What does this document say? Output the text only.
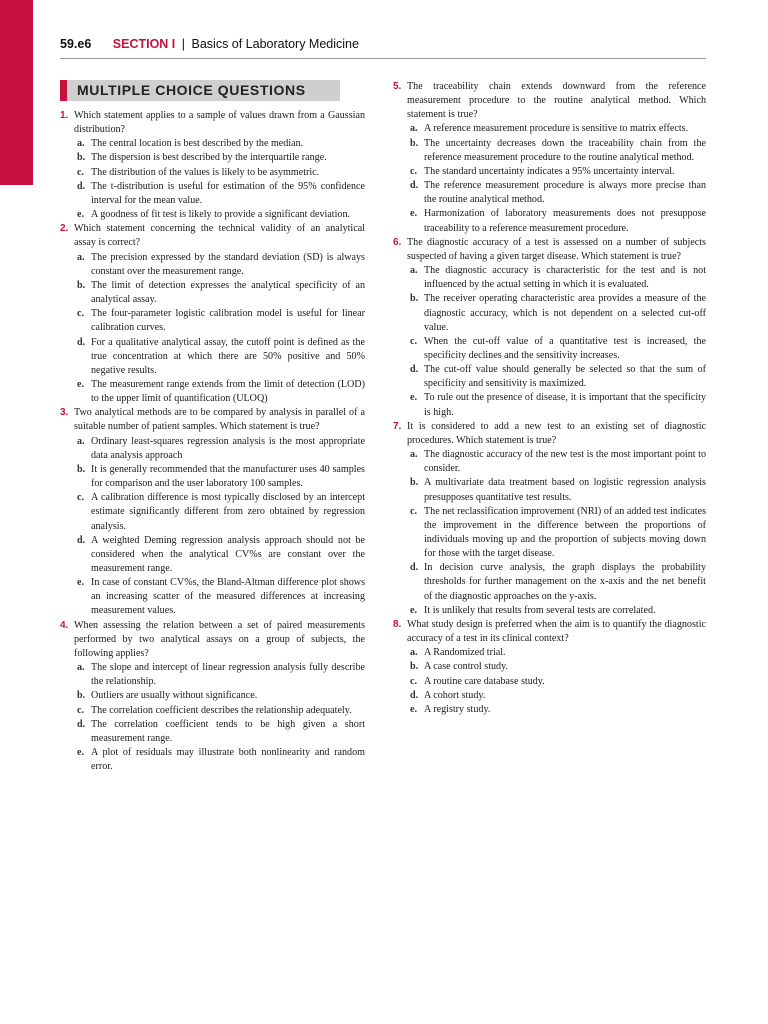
59.e6 SECTION I | Basics of Laboratory Medicine
MULTIPLE CHOICE QUESTIONS
1. Which statement applies to a sample of values drawn from a Gaussian distribution?
a. The central location is best described by the median.
b. The dispersion is best described by the interquartile range.
c. The distribution of the values is likely to be asymmetric.
d. The t-distribution is useful for estimation of the 95% confidence interval for the mean value.
e. A goodness of fit test is likely to provide a significant deviation.
2. Which statement concerning the technical validity of an analytical assay is correct?
a. The precision expressed by the standard deviation (SD) is always constant over the measurement range.
b. The limit of detection expresses the analytical specificity of an analytical assay.
c. The four-parameter logistic calibration model is useful for linear calibration curves.
d. For a qualitative analytical assay, the cutoff point is defined as the true concentration at which there are 50% positive and 50% negative results.
e. The measurement range extends from the limit of detection (LOD) to the upper limit of quantification (ULOQ)
3. Two analytical methods are to be compared by analysis in parallel of a suitable number of patient samples. Which statement is true?
a. Ordinary least-squares regression analysis is the most appropriate data analysis approach
b. It is generally recommended that the manufacturer uses 40 samples for comparison and the user laboratory 100 samples.
c. A calibration difference is most typically disclosed by an intercept estimate significantly different from zero obtained by regression analysis.
d. A weighted Deming regression analysis approach should not be considered when the analytical CV%s are constant over the measurement range.
e. In case of constant CV%s, the Bland-Altman difference plot shows an increasing scatter of the measured differences at increasing measurement values.
4. When assessing the relation between a set of paired measurements performed by two analytical assays on a group of subjects, the following applies?
a. The slope and intercept of linear regression analysis fully describe the relationship.
b. Outliers are usually without significance.
c. The correlation coefficient describes the relationship adequately.
d. The correlation coefficient tends to be high given a short measurement range.
e. A plot of residuals may illustrate both nonlinearity and random error.
5. The traceability chain extends downward from the reference measurement procedure to the routine analytical method. Which statement is true?
a. A reference measurement procedure is sensitive to matrix effects.
b. The uncertainty decreases down the traceability chain from the reference measurement procedure to the routine analytical method.
c. The standard uncertainty indicates a 95% uncertainty interval.
d. The reference measurement procedure is always more precise than the routine analytical method.
e. Harmonization of laboratory measurements does not presuppose traceability to a reference measurement procedure.
6. The diagnostic accuracy of a test is assessed on a number of subjects suspected of having a given target disease. Which statement is true?
a. The diagnostic accuracy is characteristic for the test and is not influenced by the actual setting in which it is evaluated.
b. The receiver operating characteristic area provides a measure of the diagnostic accuracy, which is not dependent on a selected cut-off value.
c. When the cut-off value of a quantitative test is increased, the specificity declines and the sensitivity increases.
d. The cut-off value should generally be selected so that the sum of specificity and sensitivity is maximized.
e. To rule out the presence of disease, it is important that the specificity is high.
7. It is considered to add a new test to an existing set of diagnostic procedures. Which statement is true?
a. The diagnostic accuracy of the new test is the most important point to consider.
b. A multivariate data treatment based on logistic regression analysis presupposes quantitative test results.
c. The net reclassification improvement (NRI) of an added test indicates the improvement in the difference between the proportions of individuals moving up and the proportion of subjects moving down for those with the target disease.
d. In decision curve analysis, the graph displays the probability thresholds for further management on the x-axis and the net benefit of the diagnostic approaches on the y-axis.
e. It is unlikely that results from several tests are correlated.
8. What study design is preferred when the aim is to quantify the diagnostic accuracy of a test in its clinical context?
a. A Randomized trial.
b. A case control study.
c. A routine care database study.
d. A cohort study.
e. A registry study.
